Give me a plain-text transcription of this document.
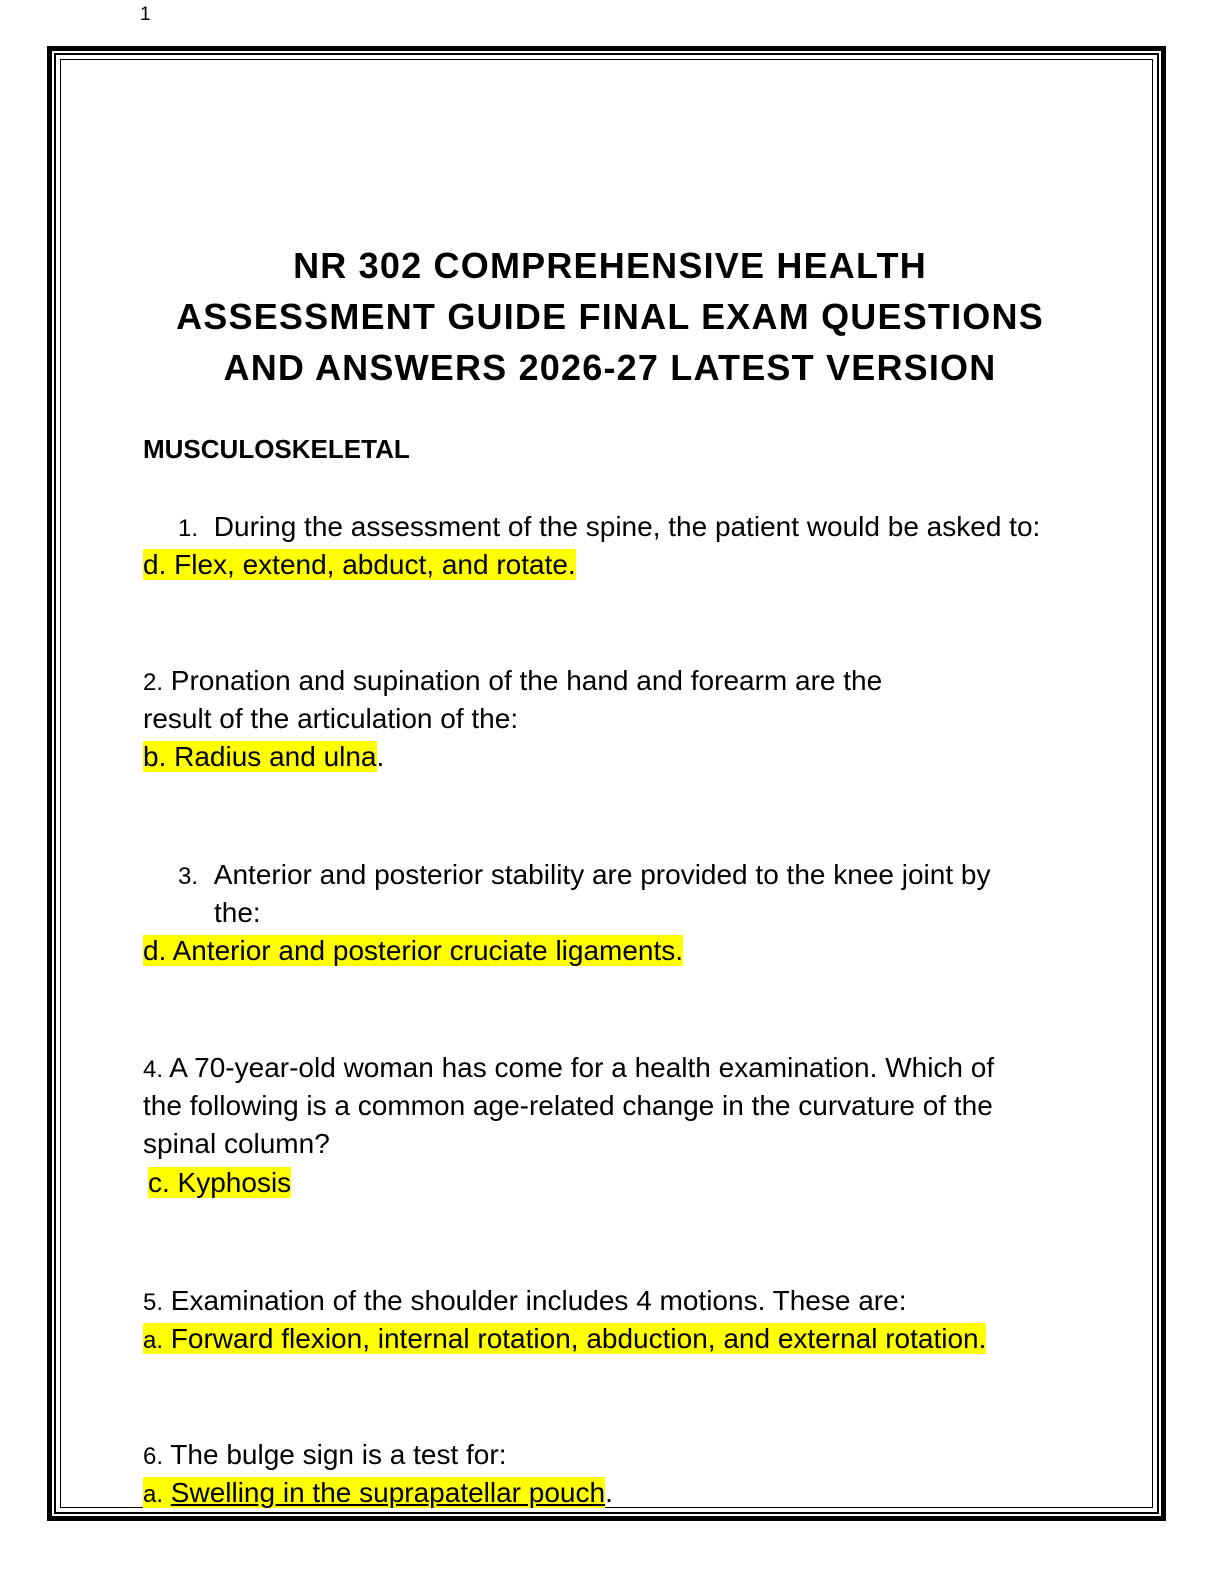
1
NR 302 COMPREHENSIVE HEALTH
ASSESSMENT GUIDE FINAL EXAM QUESTIONS
AND ANSWERS 2026-27 LATEST VERSION
MUSCULOSKELETAL
1. During the assessment of the spine, the patient would be asked to:
d. Flex, extend, abduct, and rotate.
2. Pronation and supination of the hand and forearm are the
result of the articulation of the:
b. Radius and ulna.
3. Anterior and posterior stability are provided to the knee joint by
the:
d. Anterior and posterior cruciate ligaments.
4. A 70-year-old woman has come for a health examination. Which of
the following is a common age-related change in the curvature of the
spinal column?
c. Kyphosis
5. Examination of the shoulder includes 4 motions. These are:
a. Forward flexion, internal rotation, abduction, and external rotation.
6. The bulge sign is a test for:
a. Swelling in the suprapatellar pouch.
